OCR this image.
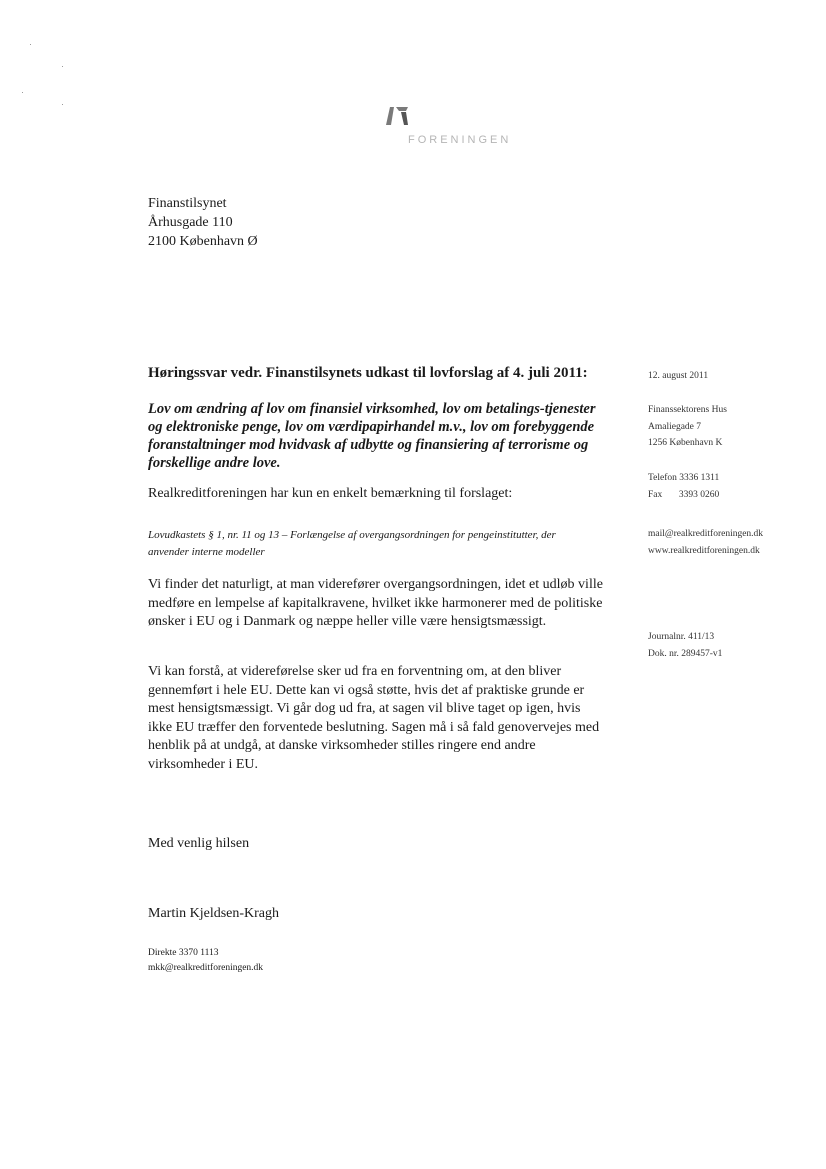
FORENINGEN
Finanstilsynet
Århusgade 110
2100 København Ø
Høringssvar vedr. Finanstilsynets udkast til lovforslag af 4. juli 2011:
Lov om ændring af lov om finansiel virksomhed, lov om betalings-tjenester og elektroniske penge, lov om værdipapirhandel m.v., lov om forebyggende foranstaltninger mod hvidvask af udbytte og finansiering af terrorisme og forskellige andre love.
Realkreditforeningen har kun en enkelt bemærkning til forslaget:
Lovudkastets § 1, nr. 11 og 13 – Forlængelse af overgangsordningen for pengeinstitutter, der anvender interne modeller
Vi finder det naturligt, at man viderefører overgangsordningen, idet et udløb ville medføre en lempelse af kapitalkravene, hvilket ikke harmonerer med de politiske ønsker i EU og i Danmark og næppe heller ville være hensigtsmæssigt.
Vi kan forstå, at videreførelse sker ud fra en forventning om, at den bliver gennemført i hele EU. Dette kan vi også støtte, hvis det af praktiske grunde er mest hensigtsmæssigt. Vi går dog ud fra, at sagen vil blive taget op igen, hvis ikke EU træffer den forventede beslutning. Sagen må i så fald genovervejes med henblik på at undgå, at danske virksomheder stilles ringere end andre virksomheder i EU.
Med venlig hilsen
Martin Kjeldsen-Kragh
Direkte 3370 1113
mkk@realkreditforeningen.dk
12. august 2011
Finanssektorens Hus
Amaliegade 7
1256 København K
Telefon 3336 1311
Fax       3393 0260
mail@realkreditforeningen.dk
www.realkreditforeningen.dk
Journalnr. 411/13
Dok. nr. 289457-v1
